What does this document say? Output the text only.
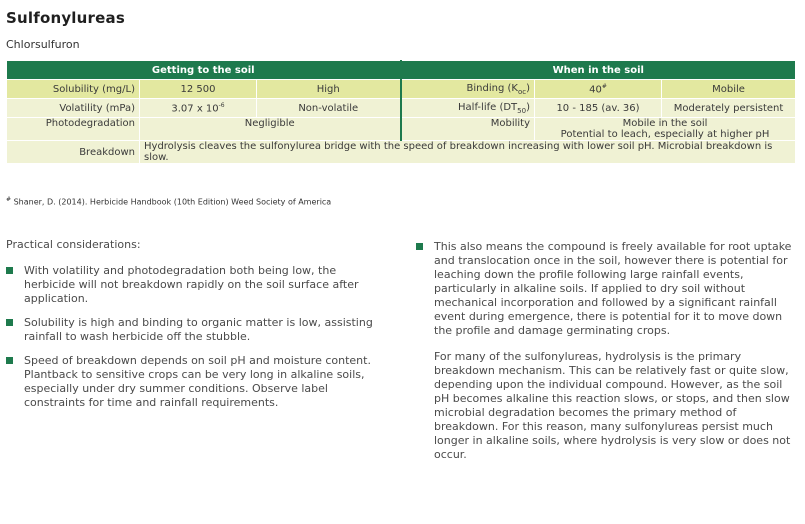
Sulfonylureas
Chlorsulfuron
Getting to the soil			When in the soil		
Solubility (mg/L)	12 500	High	Binding $(K_{oc})$	40#	Mobile
Volatility (mPa)	3.07 x $10^{-6}$	Non-volatile	Half-life $(DT_{50})$	10 - 185 (av. 36)	Moderately persistent
Photodegradation	Negligible		Mobility	Mobile in the soil
Potential to leach, especially at higher pH	

Breakdown	Hydrolysis cleaves the sulfonylurea bridge with the speed of breakdown increasing with lower soil pH. Microbial breakdown is slow.				
# Shaner, D. (2014). Herbicide Handbook (10th Edition) Weed Society of America
Practical considerations:
With volatility and photodegradation both being low, the herbicide will not breakdown rapidly on the soil surface after application.
Solubility is high and binding to organic matter is low, assisting rainfall to wash herbicide off the stubble.
Speed of breakdown depends on soil pH and moisture content. Plantback to sensitive crops can be very long in alkaline soils, especially under dry summer conditions. Observe label constraints for time and rainfall requirements.
This also means the compound is freely available for root uptake and translocation once in the soil, however there is potential for leaching down the profile following large rainfall events, particularly in alkaline soils. If applied to dry soil without mechanical incorporation and followed by a significant rainfall event during emergence, there is potential for it to move down the profile and damage germinating crops.

For many of the sulfonylureas, hydrolysis is the primary breakdown mechanism. This can be relatively fast or quite slow, depending upon the individual compound. However, as the soil pH becomes alkaline this reaction slows, or stops, and then slow microbial degradation becomes the primary method of breakdown. For this reason, many sulfonylureas persist much longer in alkaline soils, where hydrolysis is very slow or does not occur.
